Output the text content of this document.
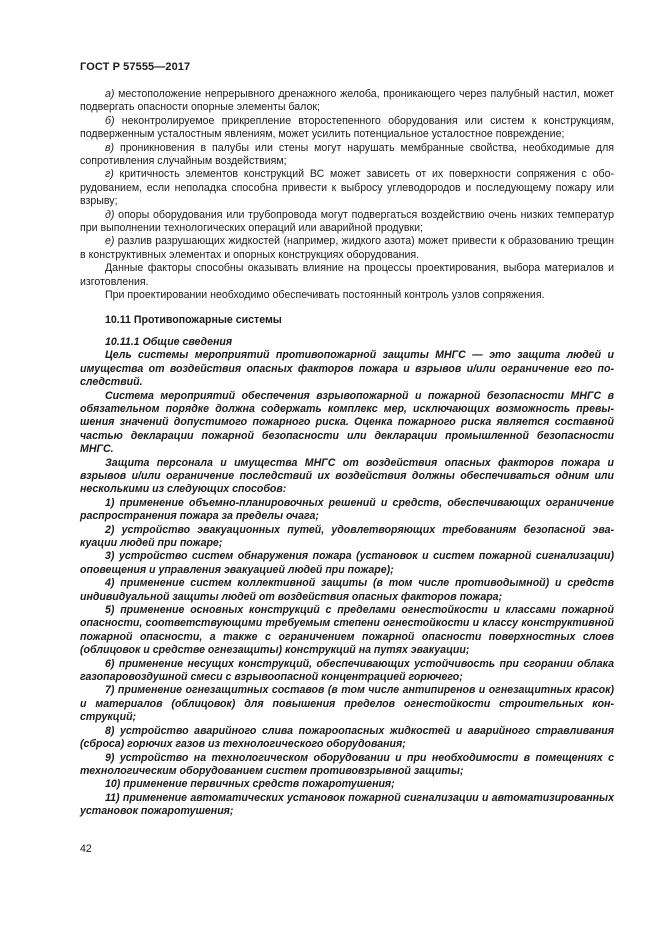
ГОСТ Р 57555—2017

а) местоположение непрерывного дренажного желоба, проникающего через палубный настил, может подвергать опасности опорные элементы балок;

б) неконтролируемое прикрепление второстепенного оборудования или систем к конструкциям, подверженным усталостным явлениям, может усилить потенциальное усталостное повреждение;

в) проникновения в палубы или стены могут нарушать мембранные свойства, необходимые для сопротивления случайным воздействиям;

г) критичность элементов конструкций ВС может зависеть от их поверхности сопряжения с оборудованием, если неполадка способна привести к выбросу углеводородов и последующему пожару или взрыву;

д) опоры оборудования или трубопровода могут подвергаться воздействию очень низких температур при выполнении технологических операций или аварийной продувки;

е) разлив разрушающих жидкостей (например, жидкого азота) может привести к образованию трещин в конструктивных элементах и опорных конструкциях оборудования.

Данные факторы способны оказывать влияние на процессы проектирования, выбора материалов и изготовления.

При проектировании необходимо обеспечивать постоянный контроль узлов сопряжения.

10.11 Противопожарные системы

10.11.1 Общие сведения

Цель системы мероприятий противопожарной защиты МНГС — это защита людей и имущества от воздействия опасных факторов пожара и взрывов и/или ограничение его последствий.

Система мероприятий обеспечения взрывопожарной и пожарной безопасности МНГС в обязательном порядке должна содержать комплекс мер, исключающих возможность превышения значений допустимого пожарного риска. Оценка пожарного риска является составной частью декларации пожарной безопасности или декларации промышленной безопасности МНГС.

Защита персонала и имущества МНГС от воздействия опасных факторов пожара и взрывов и/или ограничение последствий их воздействия должны обеспечиваться одним или несколькими из следующих способов:

1) применение объемно-планировочных решений и средств, обеспечивающих ограничение распространения пожара за пределы очага;

2) устройство эвакуационных путей, удовлетворяющих требованиям безопасной эвакуации людей при пожаре;

3) устройство систем обнаружения пожара (установок и систем пожарной сигнализации) оповещения и управления эвакуацией людей при пожаре);

4) применение систем коллективной защиты (в том числе противодымной) и средств индивидуальной защиты людей от воздействия опасных факторов пожара;

5) применение основных конструкций с пределами огнестойкости и классами пожарной опасности, соответствующими требуемым степени огнестойкости и классу конструктивной пожарной опасности, а также с ограничением пожарной опасности поверхностных слоев (облицовок и средстве огнезащиты) конструкций на путях эвакуации;

6) применение несущих конструкций, обеспечивающих устойчивость при сгорании облака газопаровоздушной смеси с взрывоопасной концентрацией горючего;

7) применение огнезащитных составов (в том числе антипиренов и огнезащитных красок) и материалов (облицовок) для повышения пределов огнестойкости строительных конструкций;

8) устройство аварийного слива пожароопасных жидкостей и аварийного стравливания (сброса) горючих газов из технологического оборудования;

9) устройство на технологическом оборудовании и при необходимости в помещениях с технологическим оборудованием систем противовзрывной защиты;

10) применение первичных средств пожаротушения;

11) применение автоматических установок пожарной сигнализации и автоматизированных установок пожаротушения;

42
